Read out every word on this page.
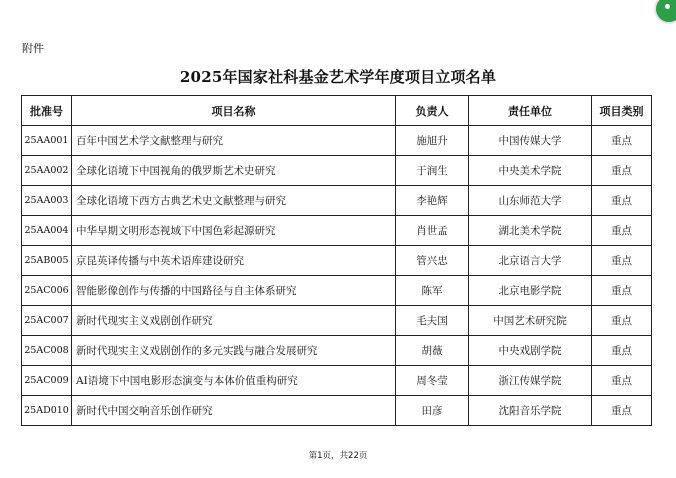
附件
2025年国家社科基金艺术学年度项目立项名单
批准号	项目名称	负责人	责任单位	项目类别
25AA001	百年中国艺术学文献整理与研究	施旭升	中国传媒大学	重点
25AA002	全球化语境下中国视角的俄罗斯艺术史研究	于润生	中央美术学院	重点
25AA003	全球化语境下西方古典艺术史文献整理与研究	李艳辉	山东师范大学	重点
25AA004	中华早期文明形态视域下中国色彩起源研究	肖世孟	湖北美术学院	重点
25AB005	京昆英译传播与中英术语库建设研究	管兴忠	北京语言大学	重点
25AC006	智能影像创作与传播的中国路径与自主体系研究	陈军	北京电影学院	重点
25AC007	新时代现实主义戏剧创作研究	毛夫国	中国艺术研究院	重点
25AC008	新时代现实主义戏剧创作的多元实践与融合发展研究	胡薇	中央戏剧学院	重点
25AC009	AI语境下中国电影形态演变与本体价值重构研究	周冬莹	浙江传媒学院	重点
25AD010	新时代中国交响音乐创作研究	田彦	沈阳音乐学院	重点
第1页，共22页
